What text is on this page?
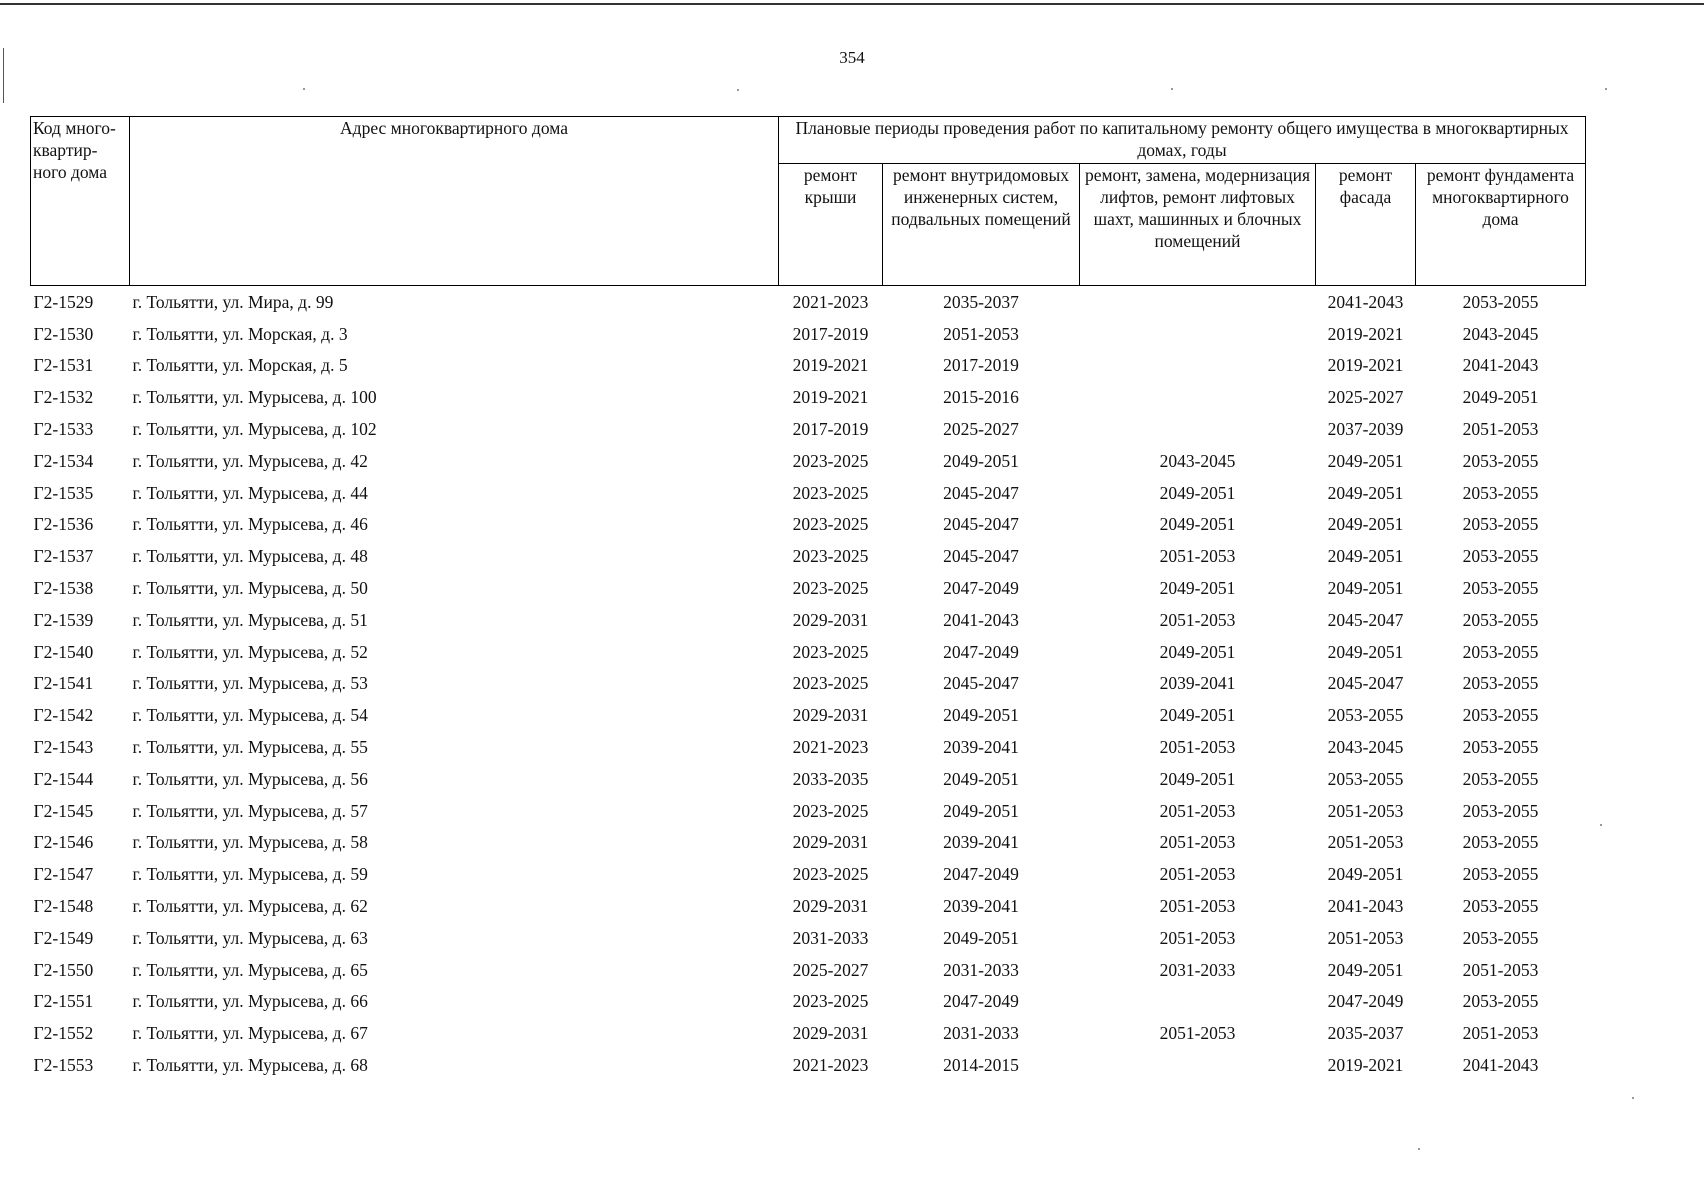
354
Код много-квартир-ного дома	Адрес многоквартирного дома	Плановые периоды проведения работ по капитальному ремонту общего имущества в многоквартирных домах, годы				
		ремонт крыши	ремонт внутридомовых инженерных систем, подвальных помещений	ремонт, замена, модернизация лифтов, ремонт лифтовых шахт, машинных и блочных помещений	ремонт фасада	ремонт фундамента многоквартирного дома
Г2-1529	г. Тольятти, ул. Мира, д. 99	2021-2023	2035-2037		2041-2043	2053-2055
Г2-1530	г. Тольятти, ул. Морская, д. 3	2017-2019	2051-2053		2019-2021	2043-2045
Г2-1531	г. Тольятти, ул. Морская, д. 5	2019-2021	2017-2019		2019-2021	2041-2043
Г2-1532	г. Тольятти, ул. Мурысева, д. 100	2019-2021	2015-2016		2025-2027	2049-2051
Г2-1533	г. Тольятти, ул. Мурысева, д. 102	2017-2019	2025-2027		2037-2039	2051-2053
Г2-1534	г. Тольятти, ул. Мурысева, д. 42	2023-2025	2049-2051	2043-2045	2049-2051	2053-2055
Г2-1535	г. Тольятти, ул. Мурысева, д. 44	2023-2025	2045-2047	2049-2051	2049-2051	2053-2055
Г2-1536	г. Тольятти, ул. Мурысева, д. 46	2023-2025	2045-2047	2049-2051	2049-2051	2053-2055
Г2-1537	г. Тольятти, ул. Мурысева, д. 48	2023-2025	2045-2047	2051-2053	2049-2051	2053-2055
Г2-1538	г. Тольятти, ул. Мурысева, д. 50	2023-2025	2047-2049	2049-2051	2049-2051	2053-2055
Г2-1539	г. Тольятти, ул. Мурысева, д. 51	2029-2031	2041-2043	2051-2053	2045-2047	2053-2055
Г2-1540	г. Тольятти, ул. Мурысева, д. 52	2023-2025	2047-2049	2049-2051	2049-2051	2053-2055
Г2-1541	г. Тольятти, ул. Мурысева, д. 53	2023-2025	2045-2047	2039-2041	2045-2047	2053-2055
Г2-1542	г. Тольятти, ул. Мурысева, д. 54	2029-2031	2049-2051	2049-2051	2053-2055	2053-2055
Г2-1543	г. Тольятти, ул. Мурысева, д. 55	2021-2023	2039-2041	2051-2053	2043-2045	2053-2055
Г2-1544	г. Тольятти, ул. Мурысева, д. 56	2033-2035	2049-2051	2049-2051	2053-2055	2053-2055
Г2-1545	г. Тольятти, ул. Мурысева, д. 57	2023-2025	2049-2051	2051-2053	2051-2053	2053-2055
Г2-1546	г. Тольятти, ул. Мурысева, д. 58	2029-2031	2039-2041	2051-2053	2051-2053	2053-2055
Г2-1547	г. Тольятти, ул. Мурысева, д. 59	2023-2025	2047-2049	2051-2053	2049-2051	2053-2055
Г2-1548	г. Тольятти, ул. Мурысева, д. 62	2029-2031	2039-2041	2051-2053	2041-2043	2053-2055
Г2-1549	г. Тольятти, ул. Мурысева, д. 63	2031-2033	2049-2051	2051-2053	2051-2053	2053-2055
Г2-1550	г. Тольятти, ул. Мурысева, д. 65	2025-2027	2031-2033	2031-2033	2049-2051	2051-2053
Г2-1551	г. Тольятти, ул. Мурысева, д. 66	2023-2025	2047-2049		2047-2049	2053-2055
Г2-1552	г. Тольятти, ул. Мурысева, д. 67	2029-2031	2031-2033	2051-2053	2035-2037	2051-2053
Г2-1553	г. Тольятти, ул. Мурысева, д. 68	2021-2023	2014-2015		2019-2021	2041-2043
